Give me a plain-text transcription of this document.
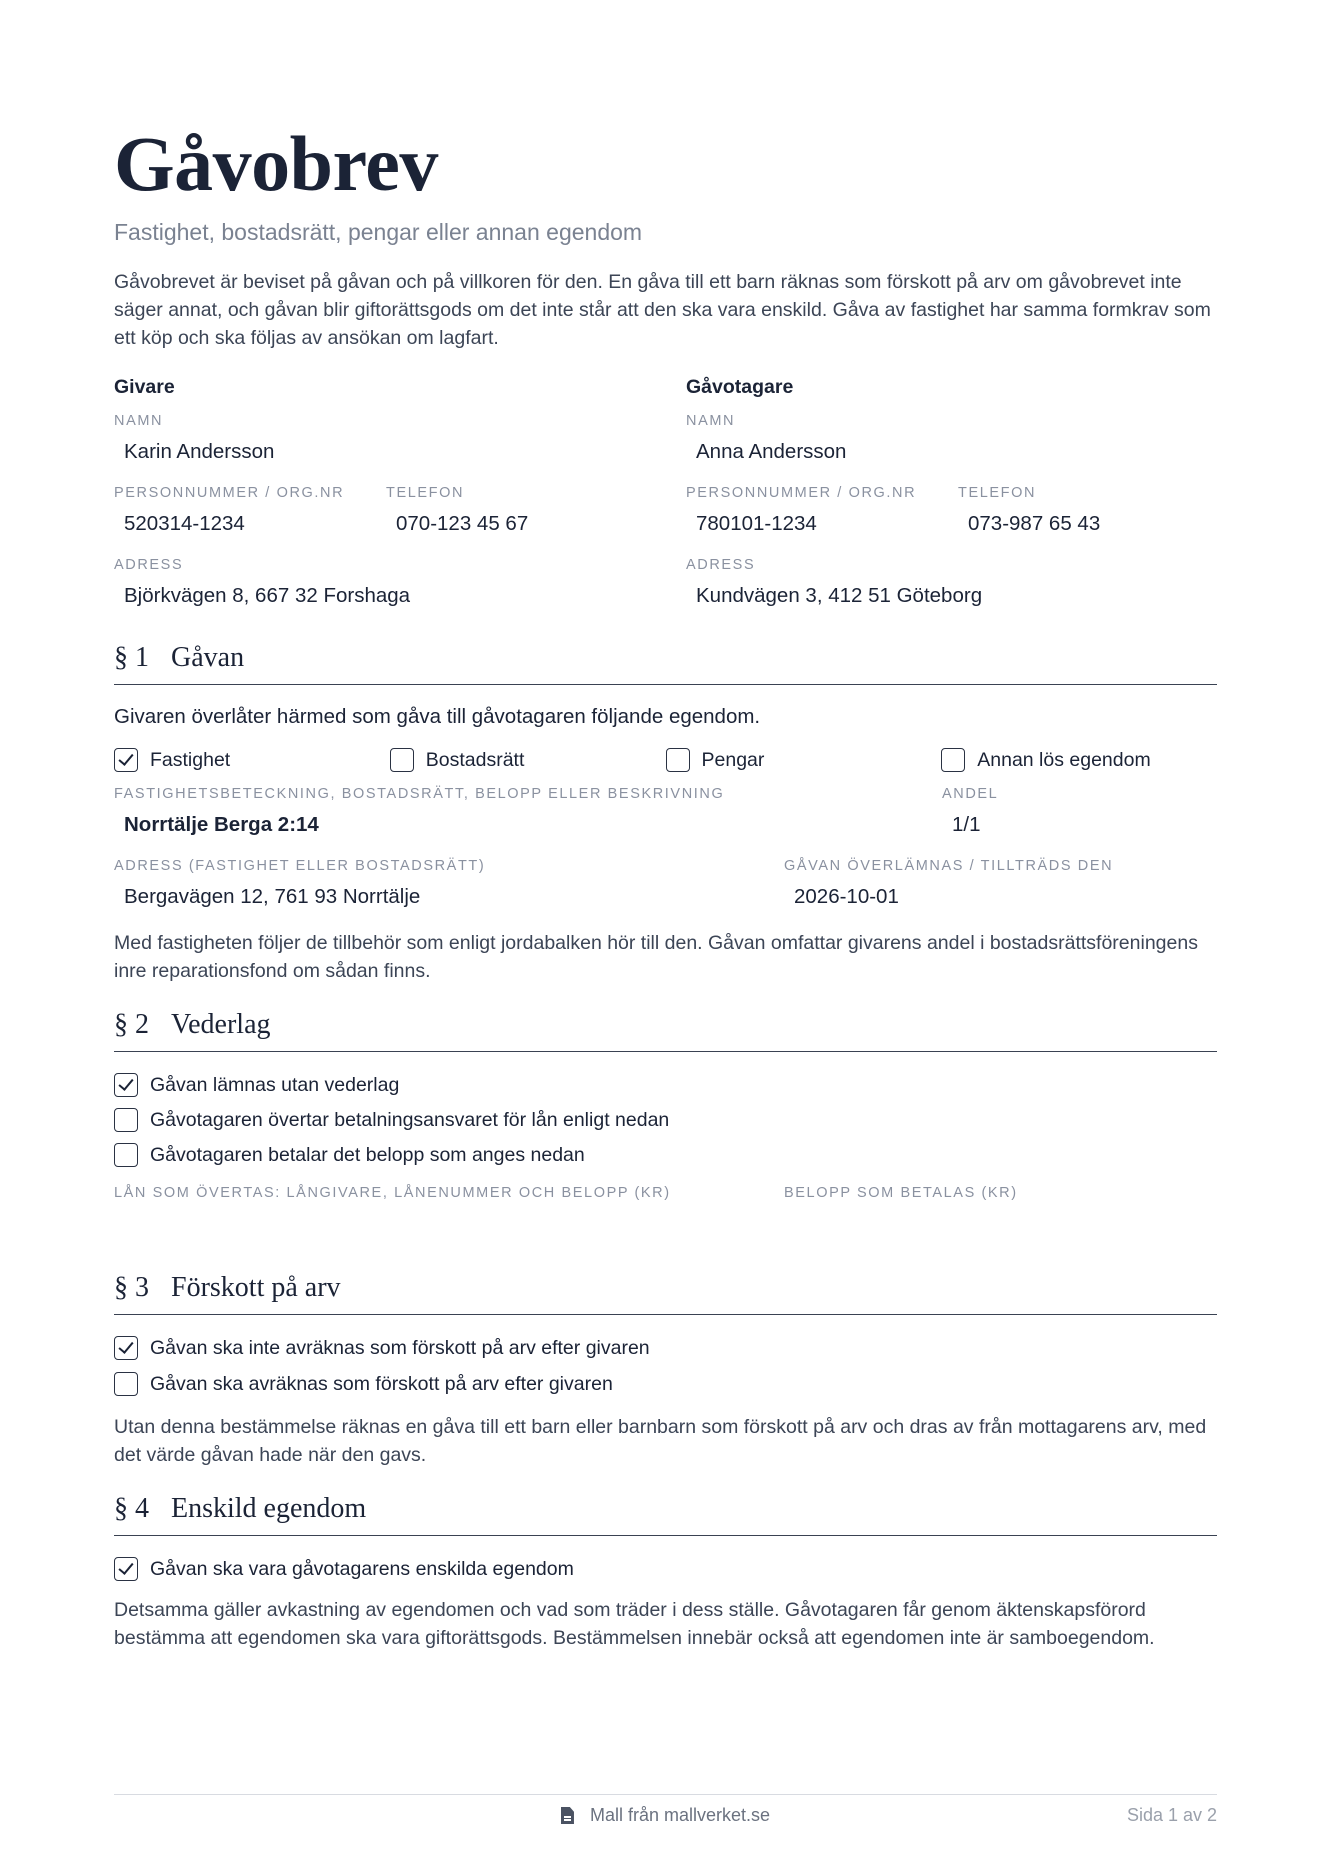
Gåvobrev
Fastighet, bostadsrätt, pengar eller annan egendom

Gåvobrevet är beviset på gåvan och på villkoren för den. En gåva till ett barn räknas som förskott på arv om gåvobrevet inte säger annat, och gåvan blir giftorättsgods om det inte står att den ska vara enskild. Gåva av fastighet har samma formkrav som ett köp och ska följas av ansökan om lagfart.

Givare
NAMN
Karin Andersson
PERSONNUMMER / ORG.NR
520314-1234
TELEFON
070-123 45 67
ADRESS
Björkvägen 8, 667 32 Forshaga
Gåvotagare
NAMN
Anna Andersson
PERSONNUMMER / ORG.NR
780101-1234
TELEFON
073-987 65 43
ADRESS
Kundvägen 3, 412 51 Göteborg
§ 1 Gåvan
Givaren överlåter härmed som gåva till gåvotagaren följande egendom.
Fastighet	Bostadsrätt	Pengar	Annan lös egendom
FASTIGHETSBETECKNING, BOSTADSRÄTT, BELOPP ELLER BESKRIVNING
Norrtälje Berga 2:14
ANDEL
1/1
ADRESS (FASTIGHET ELLER BOSTADSRÄTT)
Bergavägen 12, 761 93 Norrtälje
GÅVAN ÖVERLÄMNAS / TILLTRÄDS DEN
2026-10-01

Med fastigheten följer de tillbehör som enligt jordabalken hör till den. Gåvan omfattar givarens andel i bostadsrättsföreningens inre reparationsfond om sådan finns.

§ 2 Vederlag
Gåvan lämnas utan vederlag
Gåvotagaren övertar betalningsansvaret för lån enligt nedan
Gåvotagaren betalar det belopp som anges nedan
LÅN SOM ÖVERTAS: LÅNGIVARE, LÅNENUMMER OCH BELOPP (KR)	BELOPP SOM BETALAS (KR)
§ 3 Förskott på arv
Gåvan ska inte avräknas som förskott på arv efter givaren
Gåvan ska avräknas som förskott på arv efter givaren

Utan denna bestämmelse räknas en gåva till ett barn eller barnbarn som förskott på arv och dras av från mottagarens arv, med det värde gåvan hade när den gavs.

§ 4 Enskild egendom
Gåvan ska vara gåvotagarens enskilda egendom

Detsamma gäller avkastning av egendomen och vad som träder i dess ställe. Gåvotagaren får genom äktenskapsförord bestämma att egendomen ska vara giftorättsgods. Bestämmelsen innebär också att egendomen inte är samboegendom.

Mall från mallverket.se	Sida 1 av 2
